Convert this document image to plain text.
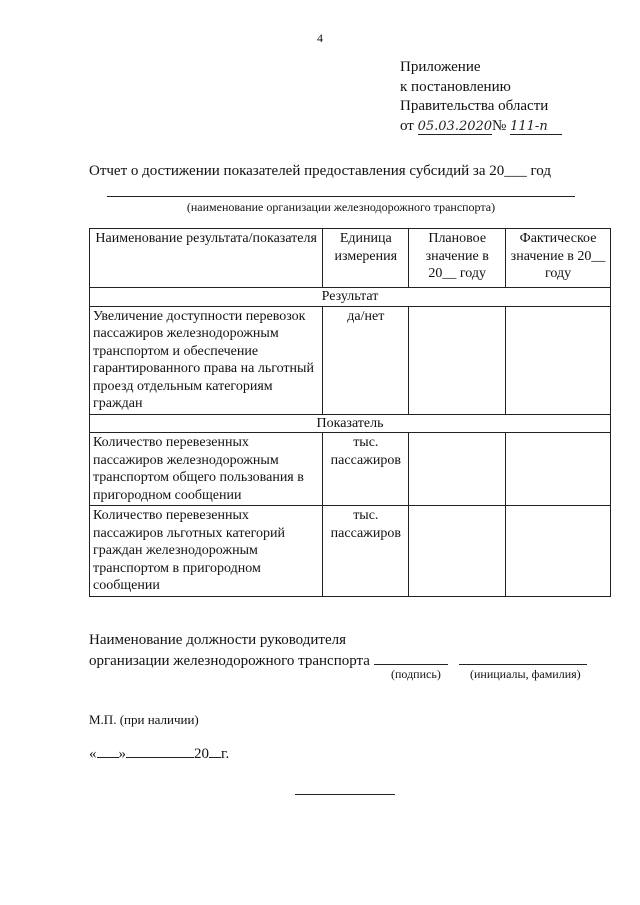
4
Приложение
к постановлению
Правительства области
от 05.03.2020№ 111-п
Отчет о достижении показателей предоставления субсидий за 20___ год
(наименование организации железнодорожного транспорта)
Наименование результата/показателя	Единица измерения	Плановое значение в 20__ году	Фактическое значение в 20__ году
Результат			
Увеличение доступности перевозок пассажиров железнодорожным транспортом и обеспечение гарантированного права на льготный проезд отдельным категориям граждан	да/нет		
Показатель			
Количество перевезенных пассажиров железнодорожным транспортом общего пользования в пригородном сообщении	тыс. пассажиров		
Количество перевезенных пассажиров льготных категорий граждан железнодорожным транспортом в пригородном сообщении	тыс. пассажиров		
Наименование должности руководителя
организации железнодорожного транспорта
(подпись) (инициалы, фамилия)
М.П. (при наличии)
« »	20 г.
